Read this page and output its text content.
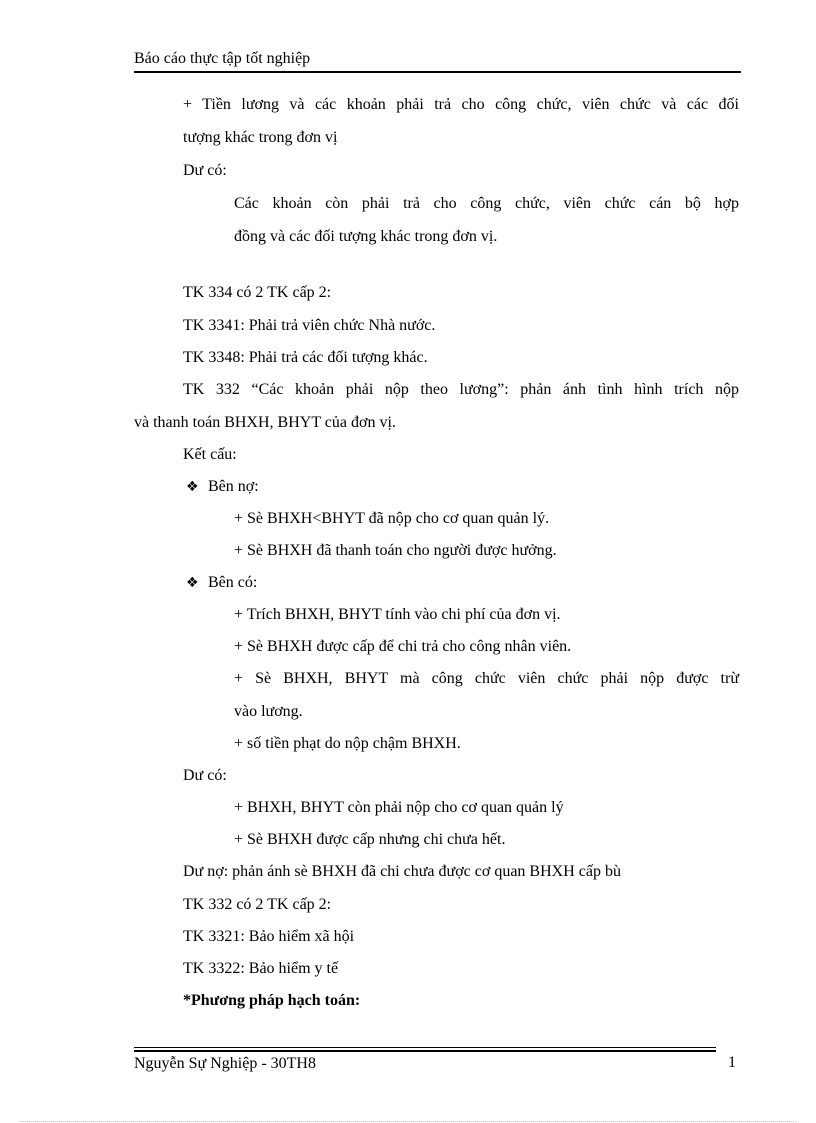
Báo cáo thực tập tốt nghiệp
+ Tiền lương và các khoản phải trả cho công chức, viên chức và các đối
tượng khác trong đơn vị
Dư có:
Các khoản còn phải trả cho công chức, viên chức cán bộ hợp
đồng và các đối tượng khác trong đơn vị.
TK 334 có 2 TK cấp 2:
TK 3341: Phải trả viên chức Nhà nước.
TK 3348: Phải trả các đối tượng khác.
TK 332 “Các khoản phải nộp theo lương”: phản ánh tình hình trích nộp
và thanh toán BHXH, BHYT của đơn vị.
Kết cấu:
❖ Bên nợ:
+ Sè BHXH<BHYT đã nộp cho cơ quan quản lý.
+ Sè BHXH đã thanh toán cho người được hưởng.
❖ Bên có:
+ Trích BHXH, BHYT tính vào chi phí của đơn vị.
+ Sè BHXH được cấp để chi trả cho công nhân viên.
+ Sè BHXH, BHYT mà công chức viên chức phải nộp được trừ
vào lương.
+ số tiền phạt do nộp chậm BHXH.
Dư có:
+ BHXH, BHYT còn phải nộp cho cơ quan quản lý
+ Sè BHXH được cấp nhưng chi chưa hết.
Dư nợ: phản ánh sè BHXH đã chi chưa được cơ quan BHXH cấp bù
TK 332 có 2 TK cấp 2:
TK 3321: Bảo hiểm xã hội
TK 3322: Bảo hiểm y tế
*Phương pháp hạch toán:
Nguyễn Sự Nghiệp - 30TH8	1
